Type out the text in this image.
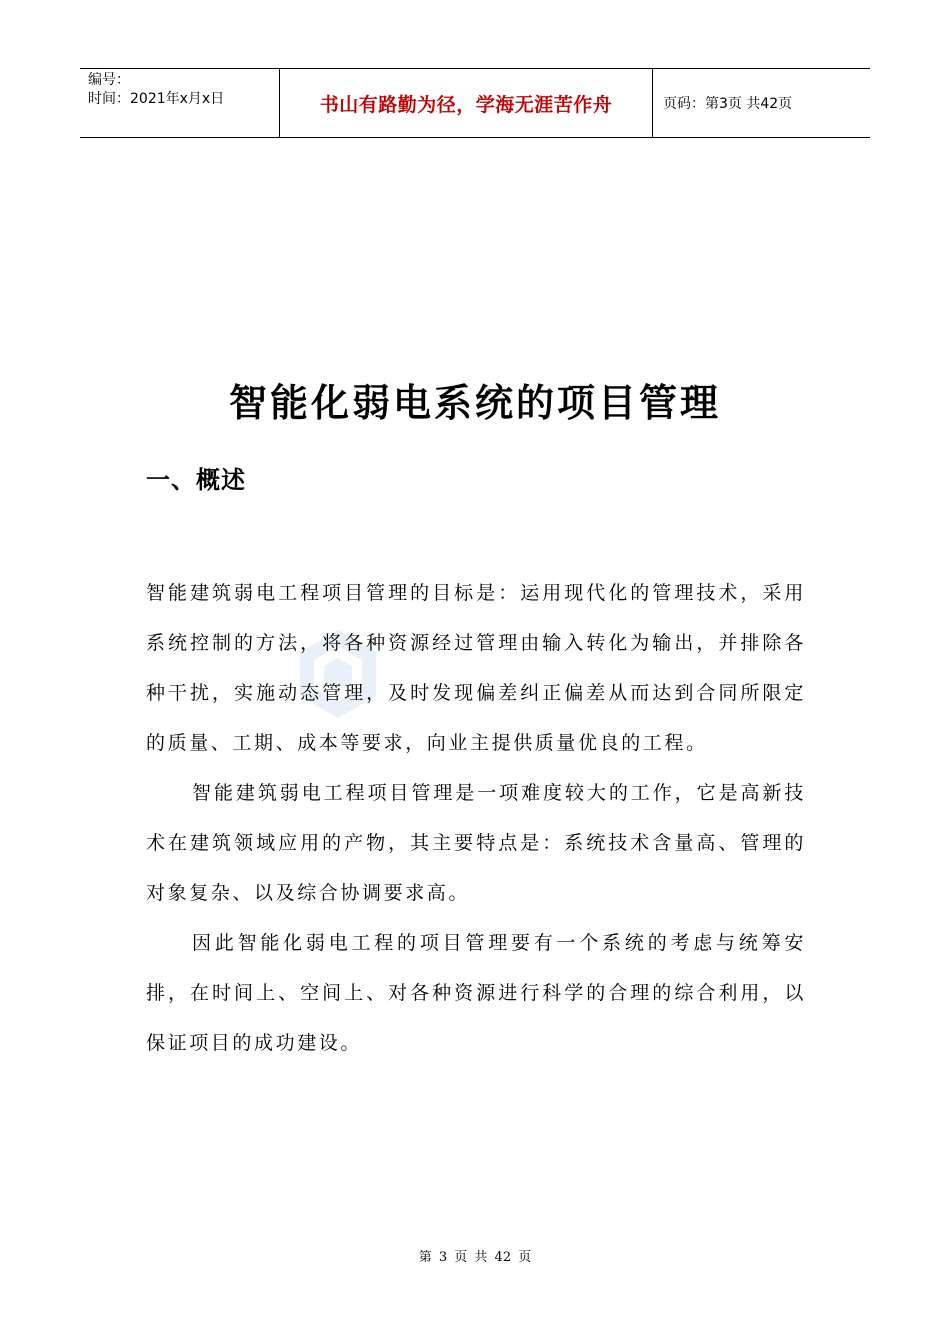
编号：
时间：2021年x月x日	书山有路勤为径，学海无涯苦作舟	页码：第3页 共42页
智能化弱电系统的项目管理
一、概述

智能建筑弱电工程项目管理的目标是：运用现代化的管理技术，采用系统控制的方法，将各种资源经过管理由输入转化为输出，并排除各种干扰，实施动态管理，及时发现偏差纠正偏差从而达到合同所限定的质量、工期、成本等要求，向业主提供质量优良的工程。

智能建筑弱电工程项目管理是一项难度较大的工作，它是高新技术在建筑领域应用的产物，其主要特点是：系统技术含量高、管理的对象复杂、以及综合协调要求高。

因此智能化弱电工程的项目管理要有一个系统的考虑与统筹安排，在时间上、空间上、对各种资源进行科学的合理的综合利用，以保证项目的成功建设。

第 3 页 共 42 页
